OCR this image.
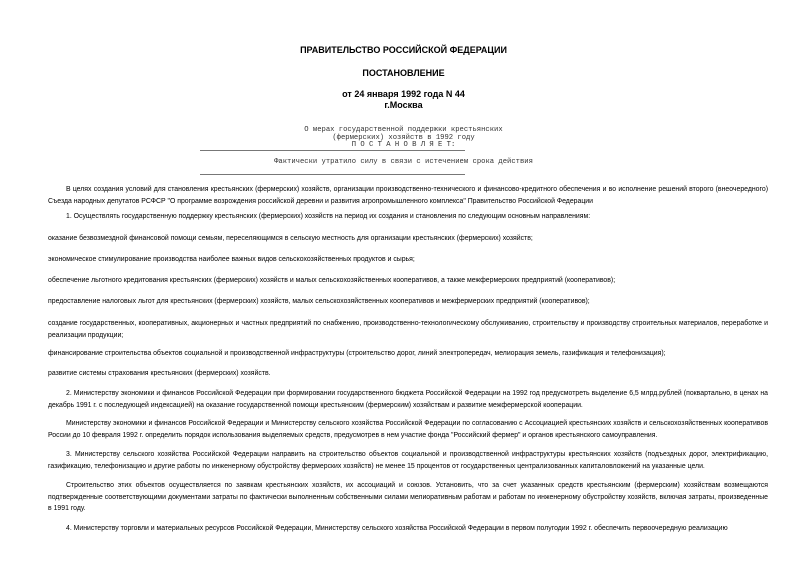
ПРАВИТЕЛЬСТВО РОССИЙСКОЙ ФЕДЕРАЦИИ
ПОСТАНОВЛЕНИЕ
от 24 января 1992 года N 44
г.Москва
О мерах государственной поддержки крестьянских
(фермерских) хозяйств в 1992 году
Фактически утратило силу в связи с истечением срока действия
В целях создания условий для становления крестьянских (фермерских) хозяйств, организации производственно-технического и финансово-кредитного обеспечения и во исполнение решений второго (внеочередного) Съезда народных депутатов РСФСР "О программе возрождения российской деревни и развития агропромышленного комплекса" Правительство Российской Федерации
П О С Т А Н О В Л Я Е Т:
1. Осуществлять государственную поддержку крестьянских (фермерских) хозяйств на период их создания и становления по следующим основным направлениям:
оказание безвозмездной финансовой помощи семьям, переселяющимся в сельскую местность для организации крестьянских (фермерских) хозяйств;
экономическое стимулирование производства наиболее важных видов сельскохозяйственных продуктов и сырья;
обеспечение льготного кредитования крестьянских (фермерских) хозяйств и малых сельскохозяйственных кооперативов, а также межфермерских предприятий (кооперативов);
предоставление налоговых льгот для крестьянских (фермерских) хозяйств, малых сельскохозяйственных кооперативов и межфермерских предприятий (кооперативов);
создание государственных, кооперативных, акционерных и частных предприятий по снабжению, производственно-технологическому обслуживанию, строительству и производству строительных материалов, переработке и реализации продукции;
финансирование строительства объектов социальной и производственной инфраструктуры (строительство дорог, линий электропередач, мелиорация земель, газификация и телефонизация);
развитие системы страхования крестьянских (фермерских) хозяйств.
2. Министерству экономики и финансов Российской Федерации при формировании государственного бюджета Российской Федерации на 1992 год предусмотреть выделение 6,5 млрд.рублей (поквартально, в ценах на декабрь 1991 г. с последующей индексацией) на оказание государственной помощи крестьянским (фермерским) хозяйствам и развитие межфермерской кооперации.
Министерству экономики и финансов Российской Федерации и Министерству сельского хозяйства Российской Федерации по согласованию с Ассоциацией крестьянских хозяйств и сельскохозяйственных кооперативов России до 10 февраля 1992 г. определить порядок использования выделяемых средств, предусмотрев в нем участие фонда "Российский фермер" и органов крестьянского самоуправления.
3. Министерству сельского хозяйства Российской Федерации направить на строительство объектов социальной и производственной инфраструктуры крестьянских хозяйств (подъездных дорог, электрификацию, газификацию, телефонизацию и другие работы по инженерному обустройству фермерских хозяйств) не менее 15 процентов от государственных централизованных капиталовложений на указанные цели.
Строительство этих объектов осуществляется по заявкам крестьянских хозяйств, их ассоциаций и союзов. Установить, что за счет указанных средств крестьянским (фермерским) хозяйствам возмещаются подтвержденные соответствующими документами затраты по фактически выполненным собственными силами мелиоративным работам и работам по инженерному обустройству хозяйств, включая затраты, произведенные в 1991 году.
4. Министерству торговли и материальных ресурсов Российской Федерации, Министерству сельского хозяйства Российской Федерации в первом полугодии 1992 г. обеспечить первоочередную реализацию
